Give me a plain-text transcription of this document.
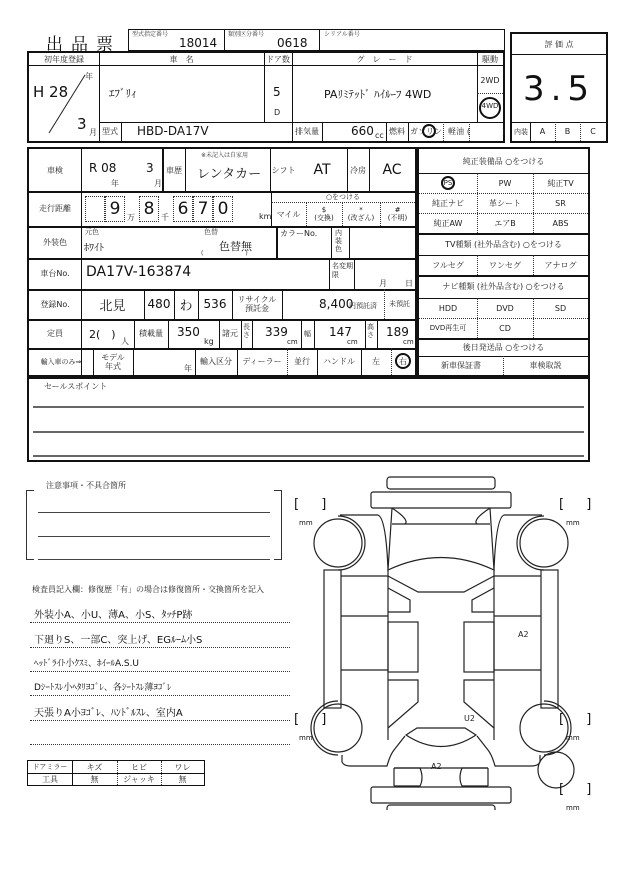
出品票
型式指定番号
18014
類別区分番号
0618
シリアル番号
初年度登録
H 28
年
3 月
車　名
ｴﾌﾞﾘｨ
ドア数
5
D
グ　レ　ー　ド
PAﾘﾐﾃｯﾄﾞ ﾊｲﾙｰﾌ 4WD
駆動
2WD
4WD
型式 HBD-DA17V	排気量	660 cc 燃料 ガソリン 軽油 (　　　　)
評 価 点
3.5
内装	A	B	C
車検	R 08
年
3
月
車歴
※未記入は自家用
レンタカー シフト	AT	冷房	AC
走行距離	9 万 8 千 6 7 0	km
○をつける
マイル	$
(交換)
*
(改ざん)
#
(不明)
外装色
元色
ﾎﾜｲﾄ
色替
色替無
(　　　　　　　)
カラーNo.	内装色
車台No.	DA17V-163874	名変期限
月 日
登録No.	北見	480 わ 536	リサイクル預託金	8,400
円預託済	未預託
定員	2(　)
人
積載量	350
kg
諸元
長さ 339
cm
幅 147
cm
高さ 189
cm
輸入車のみ⇒	モデル年式	年
輸入区分	ディーラー	並行	ハンドル	左	右
純正装備品 ○をつける
PS	PW	純正TV
純正ナビ	革シート	SR
純正AW	エアB	ABS
TV種類 (社外品含む) ○をつける
フルセグ	ワンセグ	アナログ
ナビ種類 (社外品含む) ○をつける
HDD	DVD	SD
DVD再生可	CD
後日発送品 ○をつける
新車保証書	車検取説
セールスポイント
注意事項・不具合箇所
検査員記入欄：修復歴「有」の場合は修復箇所・交換箇所を記入
外装小A、小U、薄A、小S、ﾀｯﾁP跡
下廻りS、一部C、突上げ、EGﾙｰﾑ小S
ﾍｯﾄﾞﾗｲﾄ小ｸｽﾐ、ﾎｲｰﾙA.S.U
Dｼｰﾄｽﾚ小ﾍﾀﾘﾖｺﾞﾚ、各ｼｰﾄｽﾚ薄ﾖｺﾞﾚ
天張りA小ﾖｺﾞﾚ、ﾊﾝﾄﾞﾙｽﾚ、室内A
ドアミラー	キズ	ヒビ	ワレ
工具	無	ジャッキ	無
A2
U2
A2
[ ]
mm
[ ]
mm
[ ]
mm
[ ]
mm
[ ]
mm
